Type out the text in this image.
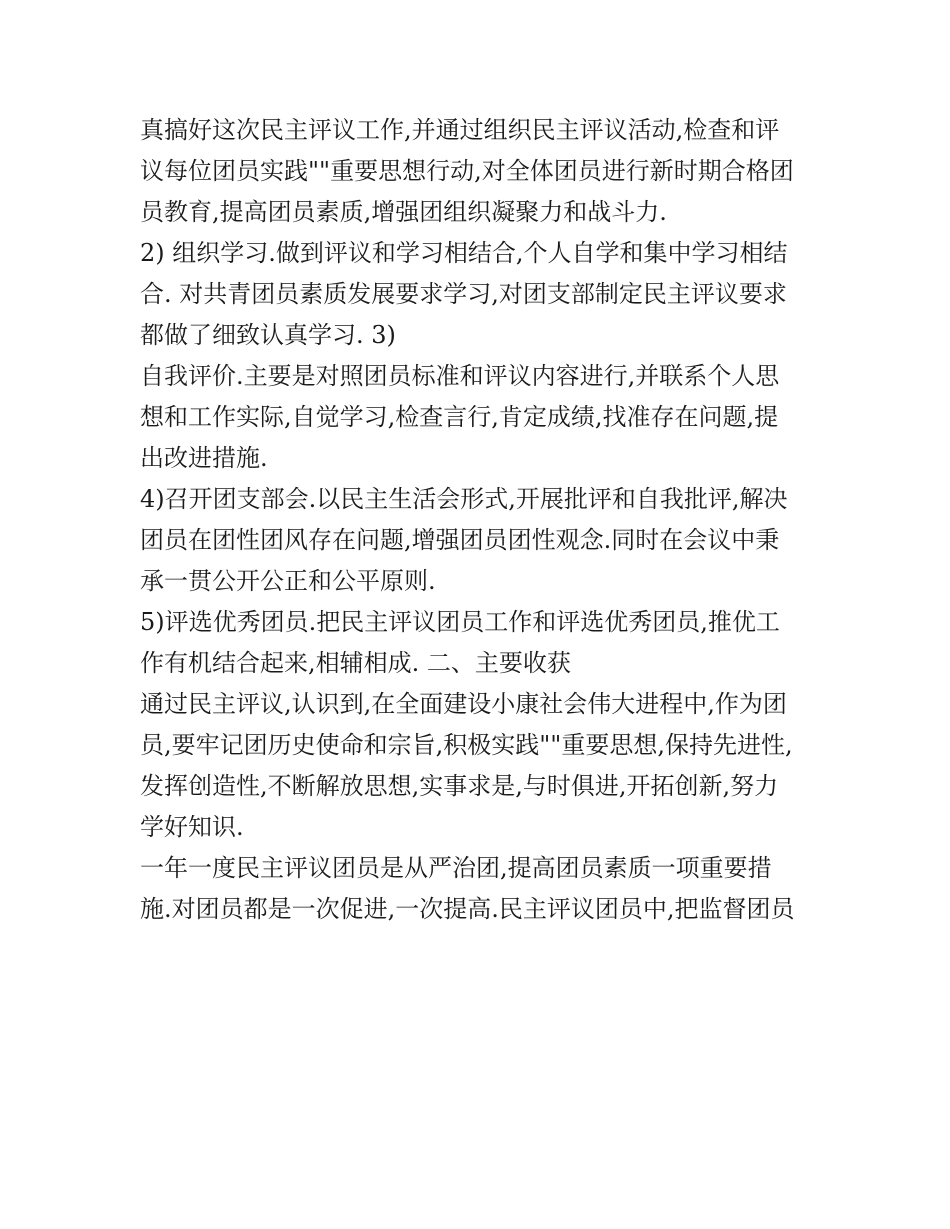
真搞好这次民主评议工作,并通过组织民主评议活动,检查和评
议每位团员实践""重要思想行动,对全体团员进行新时期合格团
员教育,提高团员素质,增强团组织凝聚力和战斗力.
2) 组织学习.做到评议和学习相结合,个人自学和集中学习相结
合. 对共青团员素质发展要求学习,对团支部制定民主评议要求
都做了细致认真学习. 3)
自我评价.主要是对照团员标准和评议内容进行,并联系个人思
想和工作实际,自觉学习,检查言行,肯定成绩,找准存在问题,提
出改进措施.
4)召开团支部会.以民主生活会形式,开展批评和自我批评,解决
团员在团性团风存在问题,增强团员团性观念.同时在会议中秉
承一贯公开公正和公平原则.
5)评选优秀团员.把民主评议团员工作和评选优秀团员,推优工
作有机结合起来,相辅相成. 二、主要收获
通过民主评议,认识到,在全面建设小康社会伟大进程中,作为团
员,要牢记团历史使命和宗旨,积极实践""重要思想,保持先进性,
发挥创造性,不断解放思想,实事求是,与时俱进,开拓创新,努力
学好知识.
一年一度民主评议团员是从严治团,提高团员素质一项重要措
施.对团员都是一次促进,一次提高.民主评议团员中,把监督团员
